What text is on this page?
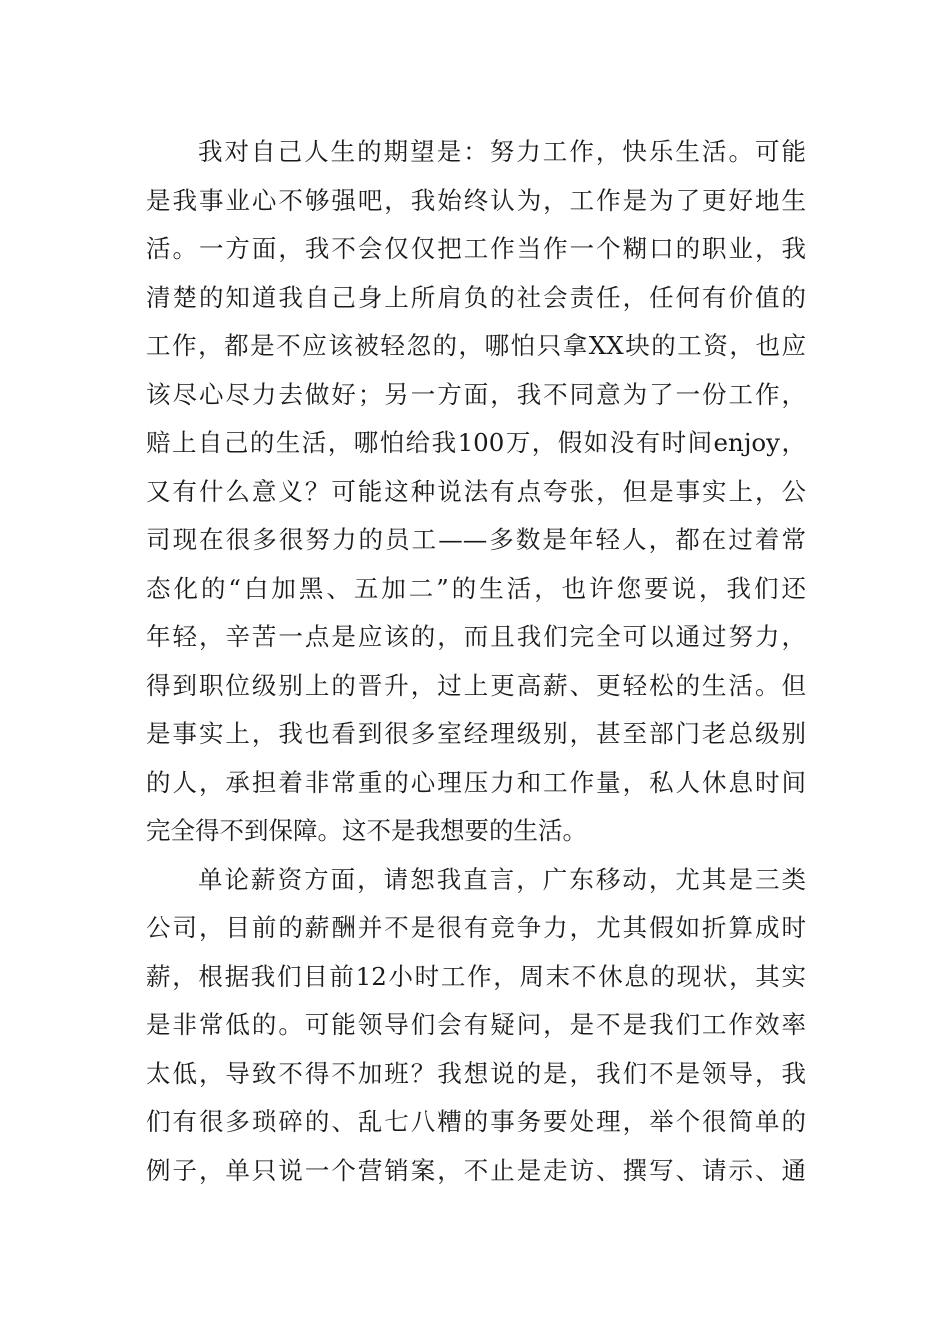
我对自己人生的期望是：努力工作，快乐生活。可能
是我事业心不够强吧，我始终认为，工作是为了更好地生
活。一方面，我不会仅仅把工作当作一个糊口的职业，我
清楚的知道我自己身上所肩负的社会责任，任何有价值的
工作，都是不应该被轻忽的，哪怕只拿XX块的工资，也应
该尽心尽力去做好；另一方面，我不同意为了一份工作，
赔上自己的生活，哪怕给我100万，假如没有时间enjoy，
又有什么意义？可能这种说法有点夸张，但是事实上，公
司现在很多很努力的员工——多数是年轻人，都在过着常
态化的“白加黑、五加二”的生活，也许您要说，我们还
年轻，辛苦一点是应该的，而且我们完全可以通过努力，
得到职位级别上的晋升，过上更高薪、更轻松的生活。但
是事实上，我也看到很多室经理级别，甚至部门老总级别
的人，承担着非常重的心理压力和工作量，私人休息时间
完全得不到保障。这不是我想要的生活。
单论薪资方面，请恕我直言，广东移动，尤其是三类
公司，目前的薪酬并不是很有竞争力，尤其假如折算成时
薪，根据我们目前12小时工作，周末不休息的现状，其实
是非常低的。可能领导们会有疑问，是不是我们工作效率
太低，导致不得不加班？我想说的是，我们不是领导，我
们有很多琐碎的、乱七八糟的事务要处理，举个很简单的
例子，单只说一个营销案，不止是走访、撰写、请示、通
